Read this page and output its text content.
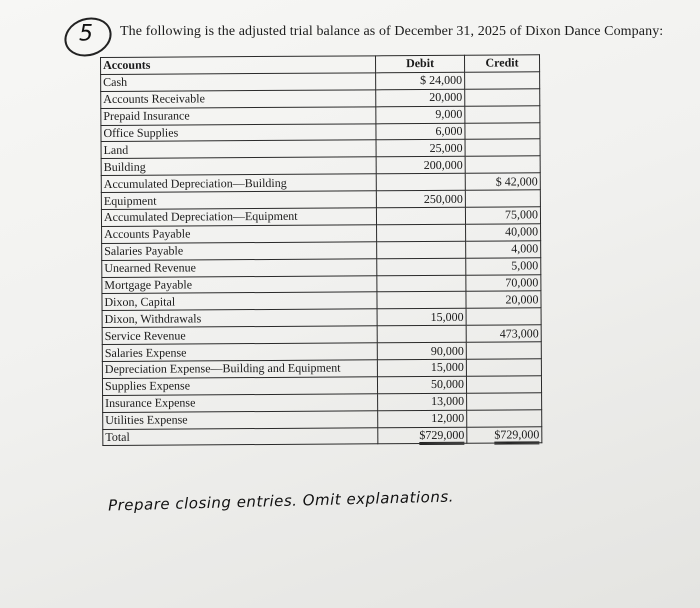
5 The following is the adjusted trial balance as of December 31, 2025 of Dixon Dance Company:
Accounts	Debit	Credit
Cash	$ 24,000	
Accounts Receivable	20,000	
Prepaid Insurance	9,000	
Office Supplies	6,000	
Land	25,000	
Building	200,000	
Accumulated Depreciation—Building		$ 42,000
Equipment	250,000	
Accumulated Depreciation—Equipment		75,000
Accounts Payable		40,000
Salaries Payable		4,000
Unearned Revenue		5,000
Mortgage Payable		70,000
Dixon, Capital		20,000
Dixon, Withdrawals	15,000	
Service Revenue		473,000
Salaries Expense	90,000	
Depreciation Expense—Building and Equipment	15,000	
Supplies Expense	50,000	
Insurance Expense	13,000	
Utilities Expense	12,000	
Total	$729,000	$729,000
Prepare closing entries. Omit explanations.
